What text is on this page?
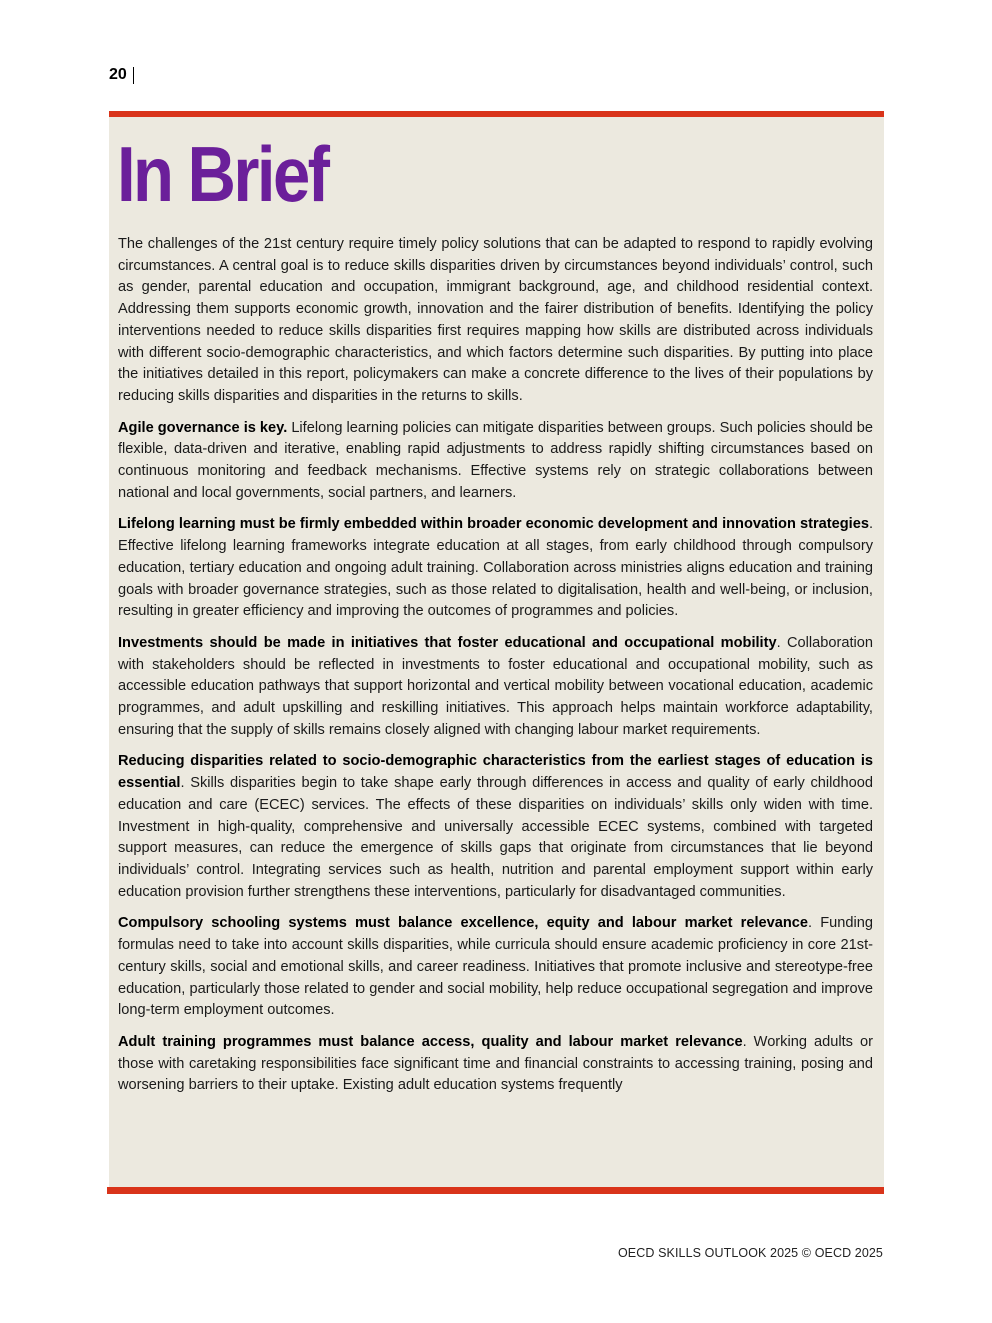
20
In Brief

The challenges of the 21st century require timely policy solutions that can be adapted to respond to rapidly evolving circumstances. A central goal is to reduce skills disparities driven by circumstances beyond individuals’ control, such as gender, parental education and occupation, immigrant background, age, and childhood residential context. Addressing them supports economic growth, innovation and the fairer distribution of benefits. Identifying the policy interventions needed to reduce skills disparities first requires mapping how skills are distributed across individuals with different socio-demographic characteristics, and which factors determine such disparities. By putting into place the initiatives detailed in this report, policymakers can make a concrete difference to the lives of their populations by reducing skills disparities and disparities in the returns to skills.

Agile governance is key. Lifelong learning policies can mitigate disparities between groups. Such policies should be flexible, data-driven and iterative, enabling rapid adjustments to address rapidly shifting circumstances based on continuous monitoring and feedback mechanisms. Effective systems rely on strategic collaborations between national and local governments, social partners, and learners.

Lifelong learning must be firmly embedded within broader economic development and innovation strategies. Effective lifelong learning frameworks integrate education at all stages, from early childhood through compulsory education, tertiary education and ongoing adult training. Collaboration across ministries aligns education and training goals with broader governance strategies, such as those related to digitalisation, health and well-being, or inclusion, resulting in greater efficiency and improving the outcomes of programmes and policies.

Investments should be made in initiatives that foster educational and occupational mobility. Collaboration with stakeholders should be reflected in investments to foster educational and occupational mobility, such as accessible education pathways that support horizontal and vertical mobility between vocational education, academic programmes, and adult upskilling and reskilling initiatives. This approach helps maintain workforce adaptability, ensuring that the supply of skills remains closely aligned with changing labour market requirements.

Reducing disparities related to socio-demographic characteristics from the earliest stages of education is essential. Skills disparities begin to take shape early through differences in access and quality of early childhood education and care (ECEC) services. The effects of these disparities on individuals’ skills only widen with time. Investment in high-quality, comprehensive and universally accessible ECEC systems, combined with targeted support measures, can reduce the emergence of skills gaps that originate from circumstances that lie beyond individuals’ control. Integrating services such as health, nutrition and parental employment support within early education provision further strengthens these interventions, particularly for disadvantaged communities.

Compulsory schooling systems must balance excellence, equity and labour market relevance. Funding formulas need to take into account skills disparities, while curricula should ensure academic proficiency in core 21st-century skills, social and emotional skills, and career readiness. Initiatives that promote inclusive and stereotype-free education, particularly those related to gender and social mobility, help reduce occupational segregation and improve long-term employment outcomes.

Adult training programmes must balance access, quality and labour market relevance. Working adults or those with caretaking responsibilities face significant time and financial constraints to accessing training, posing and worsening barriers to their uptake. Existing adult education systems frequently

OECD SKILLS OUTLOOK 2025 © OECD 2025
